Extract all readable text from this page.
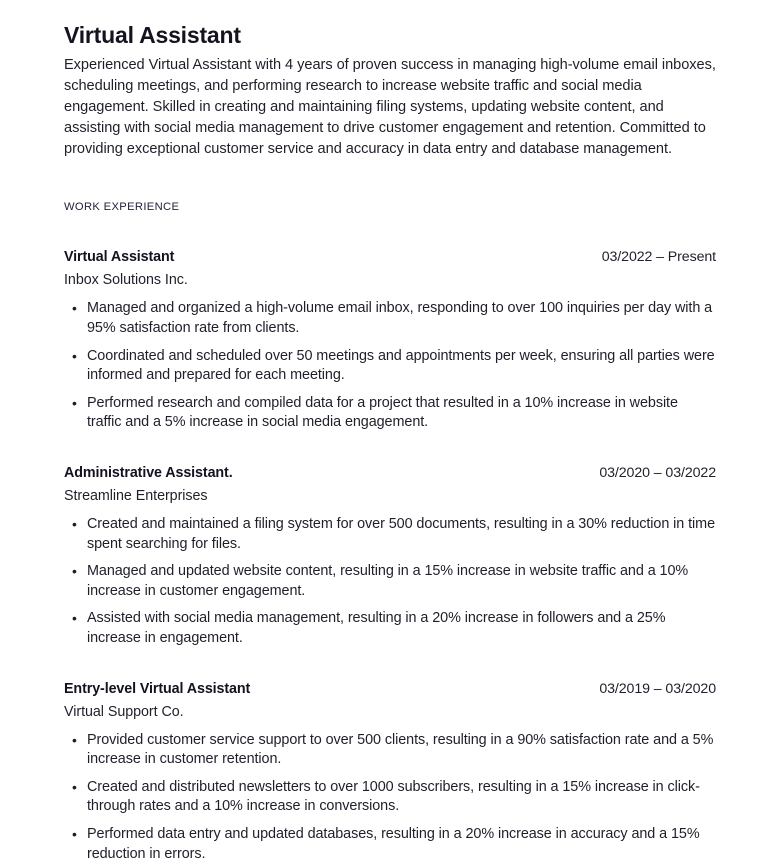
Virtual Assistant

Experienced Virtual Assistant with 4 years of proven success in managing high-volume email inboxes, scheduling meetings, and performing research to increase website traffic and social media engagement. Skilled in creating and maintaining filing systems, updating website content, and assisting with social media management to drive customer engagement and retention. Committed to providing exceptional customer service and accuracy in data entry and database management.

WORK EXPERIENCE
Virtual Assistant	03/2022 – Present
Inbox Solutions Inc.
• Managed and organized a high-volume email inbox, responding to over 100 inquiries per day with a 95% satisfaction rate from clients.
• Coordinated and scheduled over 50 meetings and appointments per week, ensuring all parties were informed and prepared for each meeting.
• Performed research and compiled data for a project that resulted in a 10% increase in website traffic and a 5% increase in social media engagement.
Administrative Assistant.	03/2020 – 03/2022
Streamline Enterprises
• Created and maintained a filing system for over 500 documents, resulting in a 30% reduction in time spent searching for files.
• Managed and updated website content, resulting in a 15% increase in website traffic and a 10% increase in customer engagement.
• Assisted with social media management, resulting in a 20% increase in followers and a 25% increase in engagement.
Entry-level Virtual Assistant	03/2019 – 03/2020
Virtual Support Co.
• Provided customer service support to over 500 clients, resulting in a 90% satisfaction rate and a 5% increase in customer retention.
• Created and distributed newsletters to over 1000 subscribers, resulting in a 15% increase in click-through rates and a 10% increase in conversions.
• Performed data entry and updated databases, resulting in a 20% increase in accuracy and a 15% reduction in errors.
